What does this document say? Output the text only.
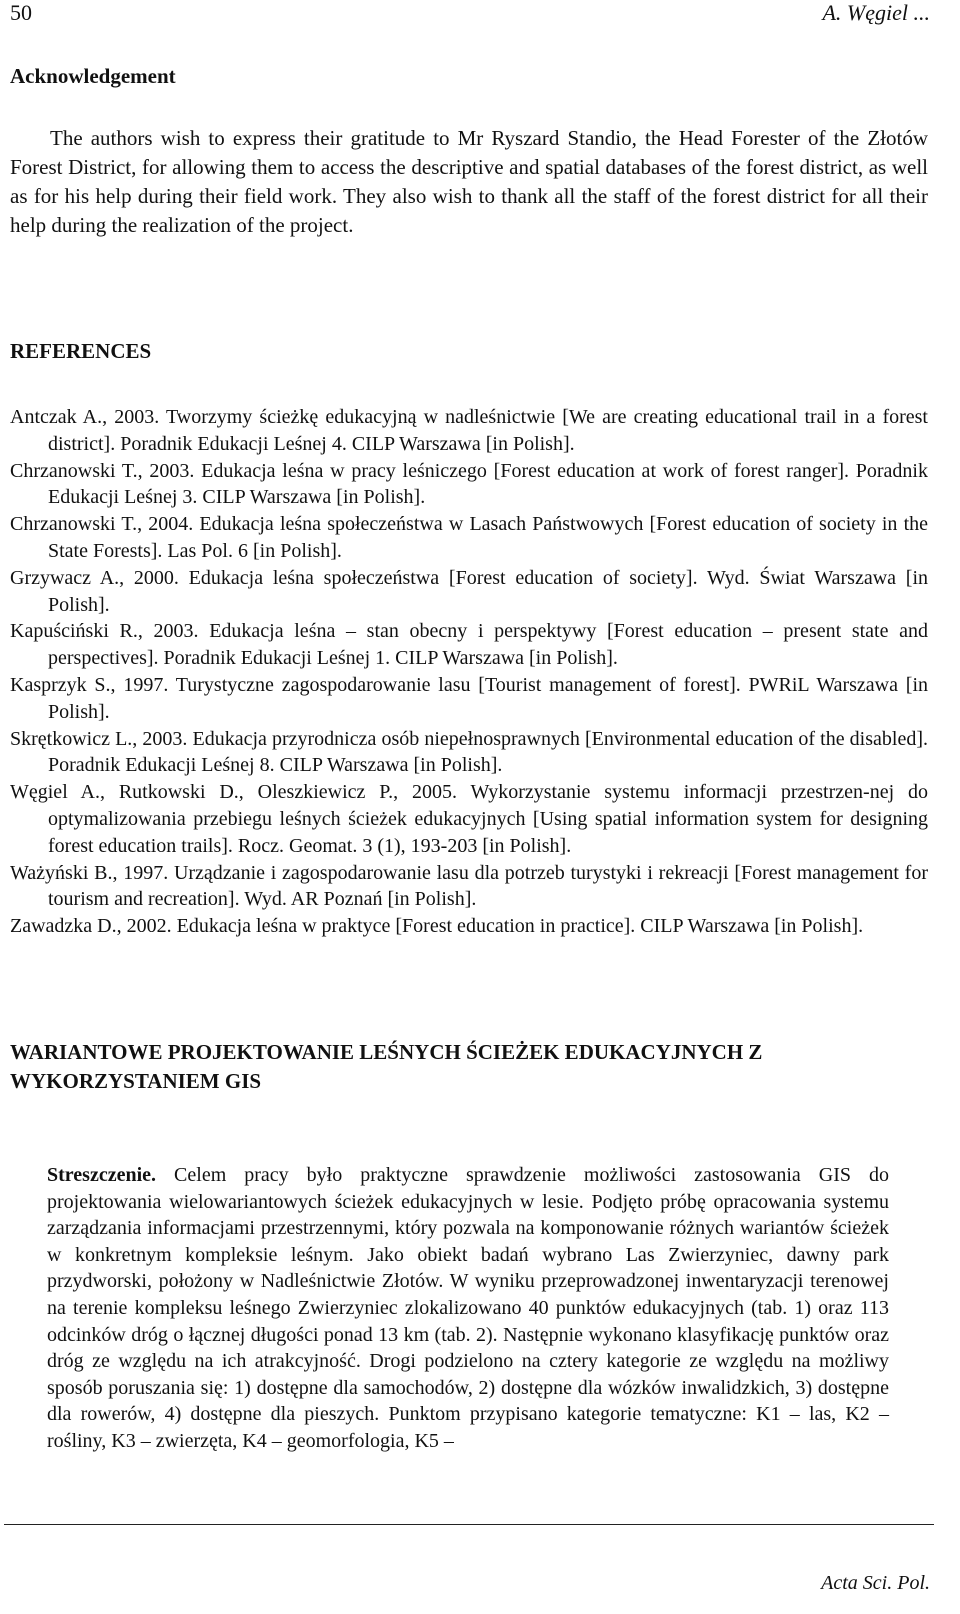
50	A. Węgiel ...
Acknowledgement
The authors wish to express their gratitude to Mr Ryszard Standio, the Head Forester of the Złotów Forest District, for allowing them to access the descriptive and spatial databases of the forest district, as well as for his help during their field work. They also wish to thank all the staff of the forest district for all their help during the realization of the project.
REFERENCES

Antczak A., 2003. Tworzymy ścieżkę edukacyjną w nadleśnictwie [We are creating educational trail in a forest district]. Poradnik Edukacji Leśnej 4. CILP Warszawa [in Polish].

Chrzanowski T., 2003. Edukacja leśna w pracy leśniczego [Forest education at work of forest ranger]. Poradnik Edukacji Leśnej 3. CILP Warszawa [in Polish].

Chrzanowski T., 2004. Edukacja leśna społeczeństwa w Lasach Państwowych [Forest education of society in the State Forests]. Las Pol. 6 [in Polish].

Grzywacz A., 2000. Edukacja leśna społeczeństwa [Forest education of society]. Wyd. Świat Warszawa [in Polish].

Kapuściński R., 2003. Edukacja leśna – stan obecny i perspektywy [Forest education – present state and perspectives]. Poradnik Edukacji Leśnej 1. CILP Warszawa [in Polish].

Kasprzyk S., 1997. Turystyczne zagospodarowanie lasu [Tourist management of forest]. PWRiL Warszawa [in Polish].

Skrętkowicz L., 2003. Edukacja przyrodnicza osób niepełnosprawnych [Environmental education of the disabled]. Poradnik Edukacji Leśnej 8. CILP Warszawa [in Polish].

Węgiel A., Rutkowski D., Oleszkiewicz P., 2005. Wykorzystanie systemu informacji przestrzen-nej do optymalizowania przebiegu leśnych ścieżek edukacyjnych [Using spatial information system for designing forest education trails]. Rocz. Geomat. 3 (1), 193-203 [in Polish].

Ważyński B., 1997. Urządzanie i zagospodarowanie lasu dla potrzeb turystyki i rekreacji [Forest management for tourism and recreation]. Wyd. AR Poznań [in Polish].

Zawadzka D., 2002. Edukacja leśna w praktyce [Forest education in practice]. CILP Warszawa [in Polish].

WARIANTOWE PROJEKTOWANIE LEŚNYCH ŚCIEŻEK EDUKACYJNYCH Z WYKORZYSTANIEM GIS
Streszczenie. Celem pracy było praktyczne sprawdzenie możliwości zastosowania GIS do projektowania wielowariantowych ścieżek edukacyjnych w lesie. Podjęto próbę opracowania systemu zarządzania informacjami przestrzennymi, który pozwala na komponowanie różnych wariantów ścieżek w konkretnym kompleksie leśnym. Jako obiekt badań wybrano Las Zwierzyniec, dawny park przydworski, położony w Nadleśnictwie Złotów. W wyniku przeprowadzonej inwentaryzacji terenowej na terenie kompleksu leśnego Zwierzyniec zlokalizowano 40 punktów edukacyjnych (tab. 1) oraz 113 odcinków dróg o łącznej długości ponad 13 km (tab. 2). Następnie wykonano klasyfikację punktów oraz dróg ze względu na ich atrakcyjność. Drogi podzielono na cztery kategorie ze względu na możliwy sposób poruszania się: 1) dostępne dla samochodów, 2) dostępne dla wózków inwalidzkich, 3) dostępne dla rowerów, 4) dostępne dla pieszych. Punktom przypisano kategorie tematyczne: K1 – las, K2 – rośliny, K3 – zwierzęta, K4 – geomorfologia, K5 –
Acta Sci. Pol.
